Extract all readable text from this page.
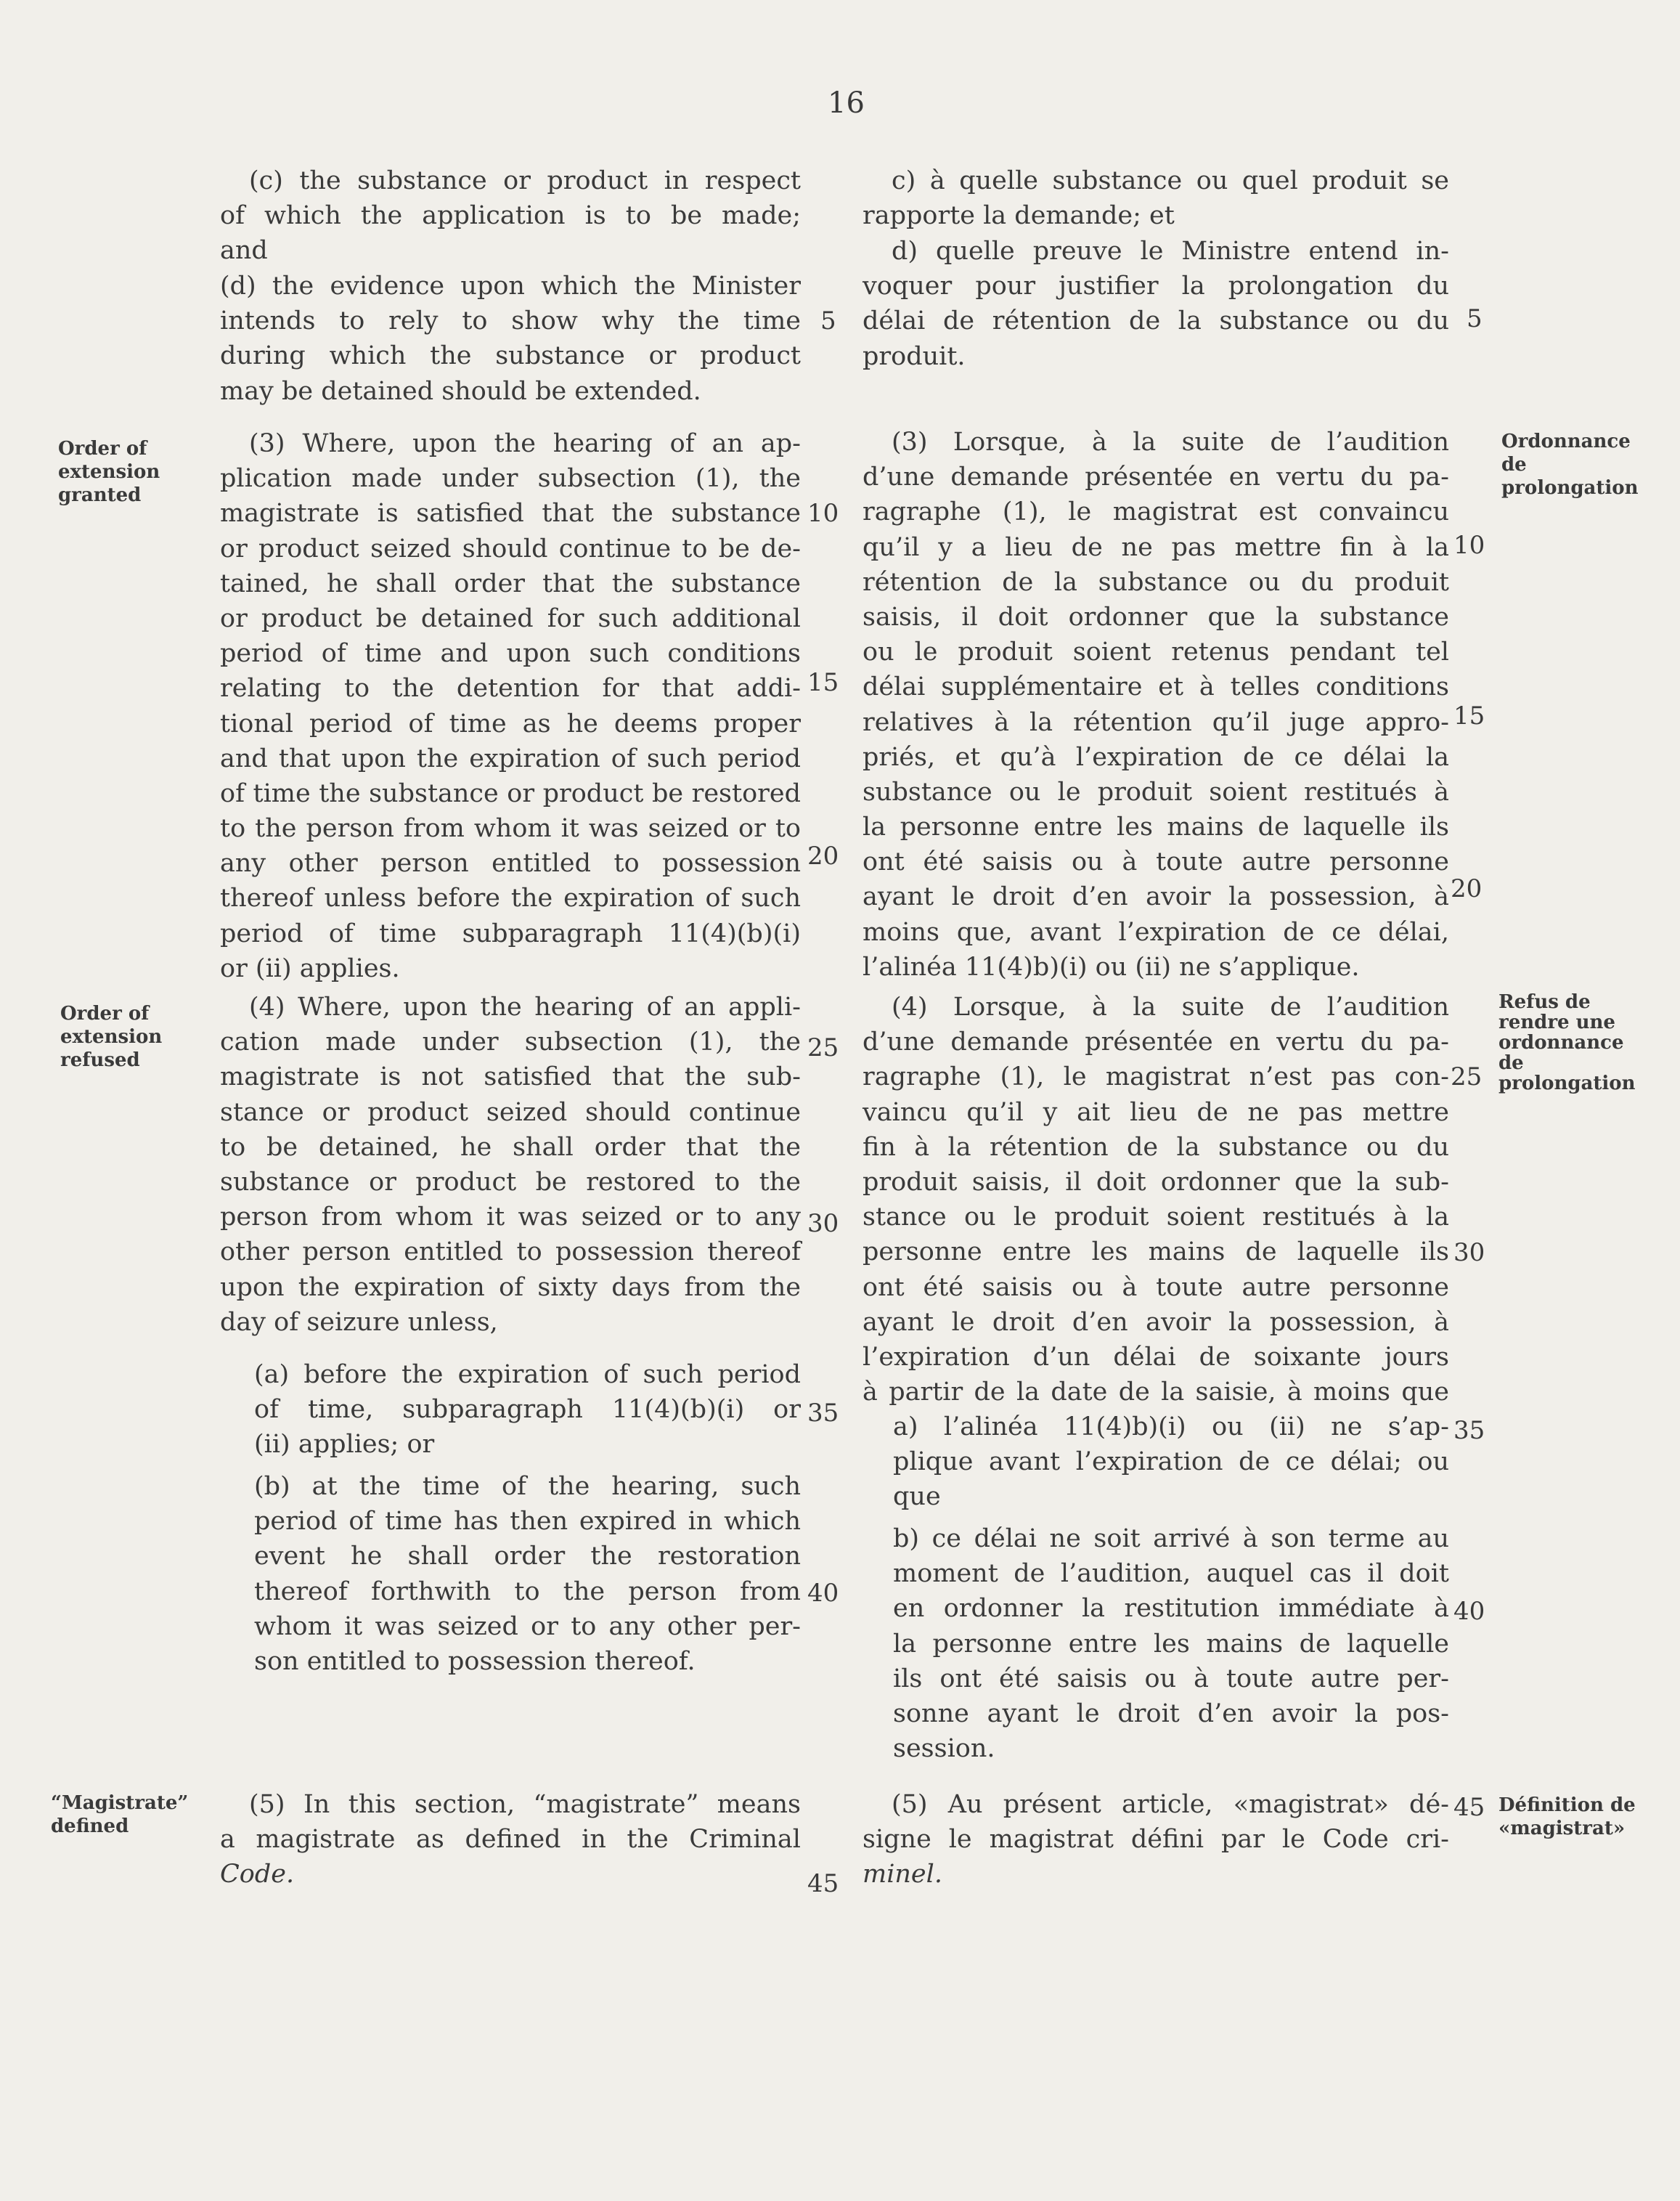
16
(c) the substance or product in respect
of which the application is to be made;
and
(d) the evidence upon which the Minister
intends to rely to show why the time
during which the substance or product
may be detained should be extended.
(3) Where, upon the hearing of an ap-
plication made under subsection (1), the
magistrate is satisfied that the substance
or product seized should continue to be de-
tained, he shall order that the substance
or product be detained for such additional
period of time and upon such conditions
relating to the detention for that addi-
tional period of time as he deems proper
and that upon the expiration of such period
of time the substance or product be restored
to the person from whom it was seized or to
any other person entitled to possession
thereof unless before the expiration of such
period of time subparagraph 11(4)(b)(i)
or (ii) applies.
(4) Where, upon the hearing of an appli-
cation made under subsection (1), the
magistrate is not satisfied that the sub-
stance or product seized should continue
to be detained, he shall order that the
substance or product be restored to the
person from whom it was seized or to any
other person entitled to possession thereof
upon the expiration of sixty days from the
day of seizure unless,
(a) before the expiration of such period
of time, subparagraph 11(4)(b)(i) or
(ii) applies; or
(b) at the time of the hearing, such
period of time has then expired in which
event he shall order the restoration
thereof forthwith to the person from
whom it was seized or to any other per-
son entitled to possession thereof.
(5) In this section, “magistrate” means
a magistrate as defined in the Criminal
Code.
Order of
extension
granted
Order of
extension
refused
“Magistrate”
defined
5
10
15
20
25
30
35
40
45
c) à quelle substance ou quel produit se
rapporte la demande; et
d) quelle preuve le Ministre entend in-
voquer pour justifier la prolongation du
délai de rétention de la substance ou du
produit.
(3) Lorsque, à la suite de l’audition
d’une demande présentée en vertu du pa-
ragraphe (1), le magistrat est convaincu
qu’il y a lieu de ne pas mettre fin à la
rétention de la substance ou du produit
saisis, il doit ordonner que la substance
ou le produit soient retenus pendant tel
délai supplémentaire et à telles conditions
relatives à la rétention qu’il juge appro-
priés, et qu’à l’expiration de ce délai la
substance ou le produit soient restitués à
la personne entre les mains de laquelle ils
ont été saisis ou à toute autre personne
ayant le droit d’en avoir la possession, à
moins que, avant l’expiration de ce délai,
l’alinéa 11(4)b)(i) ou (ii) ne s’applique.
(4) Lorsque, à la suite de l’audition
d’une demande présentée en vertu du pa-
ragraphe (1), le magistrat n’est pas con-
vaincu qu’il y ait lieu de ne pas mettre
fin à la rétention de la substance ou du
produit saisis, il doit ordonner que la sub-
stance ou le produit soient restitués à la
personne entre les mains de laquelle ils
ont été saisis ou à toute autre personne
ayant le droit d’en avoir la possession, à
l’expiration d’un délai de soixante jours
à partir de la date de la saisie, à moins que
a) l’alinéa 11(4)b)(i) ou (ii) ne s’ap-
plique avant l’expiration de ce délai; ou
que
b) ce délai ne soit arrivé à son terme au
moment de l’audition, auquel cas il doit
en ordonner la restitution immédiate à
la personne entre les mains de laquelle
ils ont été saisis ou à toute autre per-
sonne ayant le droit d’en avoir la pos-
session.
(5) Au présent article, «magistrat» dé-
signe le magistrat défini par le Code cri-
minel.
5
10
15
20
25
30
35
40
45
Ordonnance
de
prolongation
Refus de
rendre une
ordonnance
de
prolongation
Définition de
«magistrat»
